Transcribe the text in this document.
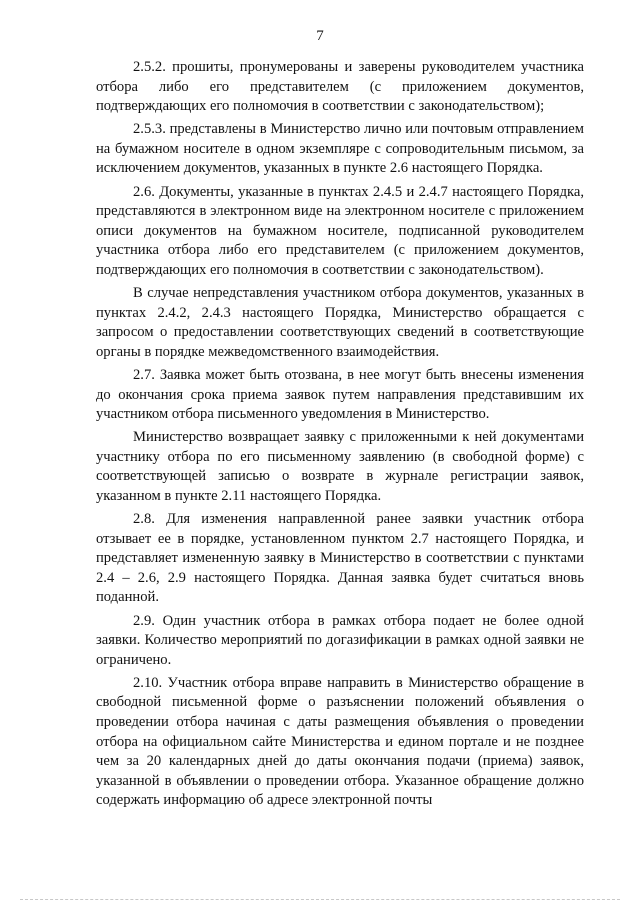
7

2.5.2. прошиты, пронумерованы и заверены руководителем участника отбора либо его представителем (с приложением документов, подтверждающих его полномочия в соответствии с законодательством);

2.5.3. представлены в Министерство лично или почтовым отправлением на бумажном носителе в одном экземпляре с сопроводительным письмом, за исключением документов, указанных в пункте 2.6 настоящего Порядка.

2.6. Документы, указанные в пунктах 2.4.5 и 2.4.7 настоящего Порядка, представляются в электронном виде на электронном носителе с приложением описи документов на бумажном носителе, подписанной руководителем участника отбора либо его представителем (с приложением документов, подтверждающих его полномочия в соответствии с законодательством).

В случае непредставления участником отбора документов, указанных в пунктах 2.4.2, 2.4.3 настоящего Порядка, Министерство обращается с запросом о предоставлении соответствующих сведений в соответствующие органы в порядке межведомственного взаимодействия.

2.7. Заявка может быть отозвана, в нее могут быть внесены изменения до окончания срока приема заявок путем направления представившим их участником отбора письменного уведомления в Министерство.

Министерство возвращает заявку с приложенными к ней документами участнику отбора по его письменному заявлению (в свободной форме) с соответствующей записью о возврате в журнале регистрации заявок, указанном в пункте 2.11 настоящего Порядка.

2.8. Для изменения направленной ранее заявки участник отбора отзывает ее в порядке, установленном пунктом 2.7 настоящего Порядка, и представляет измененную заявку в Министерство в соответствии с пунктами 2.4 – 2.6, 2.9 настоящего Порядка. Данная заявка будет считаться вновь поданной.

2.9. Один участник отбора в рамках отбора подает не более одной заявки. Количество мероприятий по догазификации в рамках одной заявки не ограничено.

2.10. Участник отбора вправе направить в Министерство обращение в свободной письменной форме о разъяснении положений объявления о проведении отбора начиная с даты размещения объявления о проведении отбора на официальном сайте Министерства и едином портале и не позднее чем за 20 календарных дней до даты окончания подачи (приема) заявок, указанной в объявлении о проведении отбора. Указанное обращение должно содержать информацию об адресе электронной почты
